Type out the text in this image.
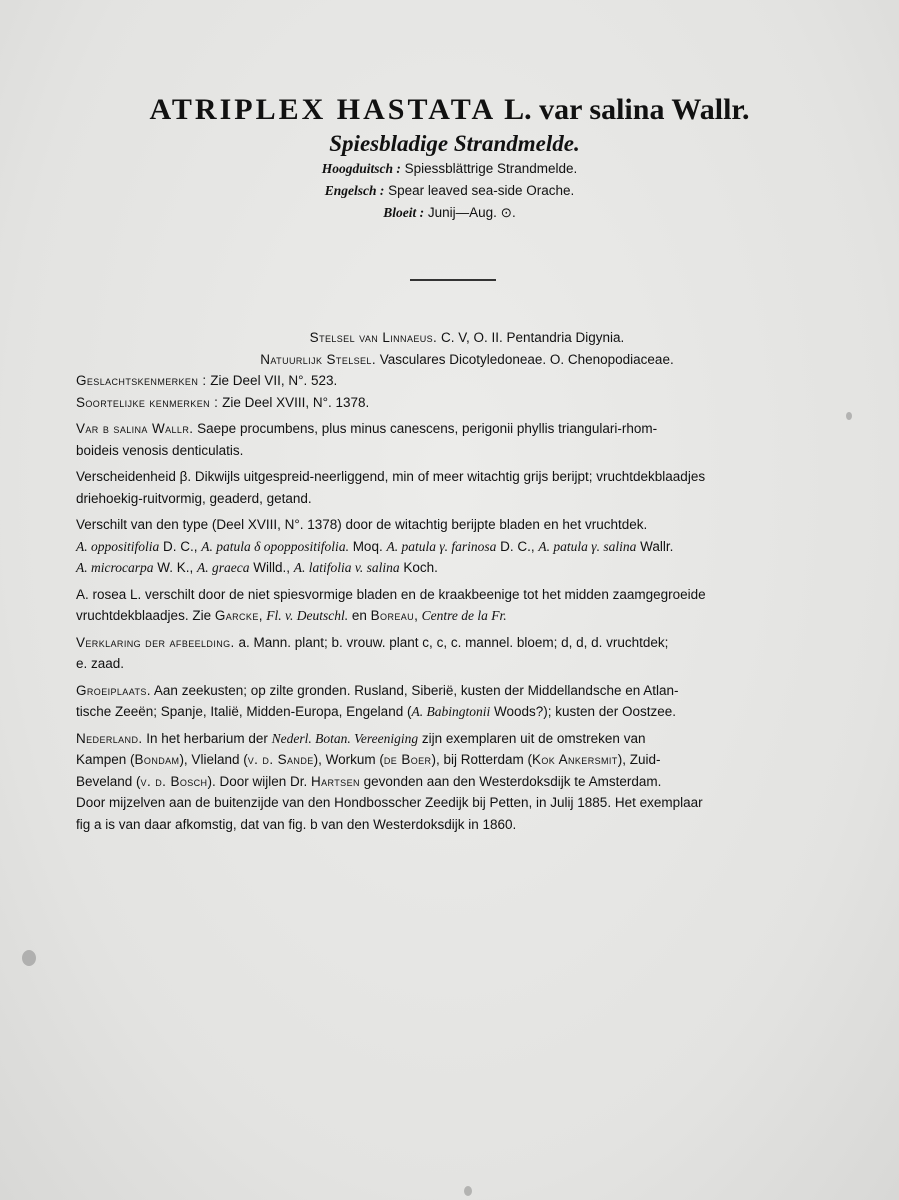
ATRIPLEX HASTATA L. var salina Wallr.

Spiesbladige Strandmelde.

Hoogduitsch : Spiessblättrige Strandmelde.

Engelsch : Spear leaved sea-side Orache.

Bloeit : Junij—Aug. ⊙.

Stelsel van Linnaeus. C. V, O. II. Pentandria Digynia.

Natuurlijk Stelsel. Vasculares Dicotyledoneae. O. Chenopodiaceae.

Geslachtskenmerken : Zie Deel VII, N°. 523.

Soortelijke kenmerken : Zie Deel XVIII, N°. 1378.

Var β salina Wallr. Saepe procumbens, plus minus canescens, perigonii phyllis triangulari-rhom-

boideis venosis denticulatis.

Verscheidenheid β. Dikwijls uitgespreid-neerliggend, min of meer witachtig grijs berijpt; vruchtdekblaadjes

driehoekig-ruitvormig, geaderd, getand.

Verschilt van den type (Deel XVIII, N°. 1378) door de witachtig berijpte bladen en het vruchtdek.

A. oppositifolia D. C., A. patula δ opoppositifolia. Moq. A. patula γ. farinosa D. C., A. patula γ. salina Wallr.

A. microcarpa W. K., A. graeca Willd., A. latifolia v. salina Koch.

A. rosea L. verschilt door de niet spiesvormige bladen en de kraakbeenige tot het midden zaamgegroeide

vruchtdekblaadjes. Zie Garcke, Fl. v. Deutschl. en Boreau, Centre de la Fr.

Verklaring der afbeelding. a. Mann. plant; b. vrouw. plant c, c, c. mannel. bloem; d, d, d. vruchtdek;

e. zaad.

Groeiplaats. Aan zeekusten; op zilte gronden. Rusland, Siberië, kusten der Middellandsche en Atlan-

tische Zeeën; Spanje, Italië, Midden-Europa, Engeland (A. Babingtonii Woods?); kusten der Oostzee.

Nederland. In het herbarium der Nederl. Botan. Vereeniging zijn exemplaren uit de omstreken van

Kampen (Bondam), Vlieland (v. d. Sande), Workum (de Boer), bij Rotterdam (Kok Ankersmit), Zuid-

Beveland (v. d. Bosch). Door wijlen Dr. Hartsen gevonden aan den Westerdoksdijk te Amsterdam.

Door mijzelven aan de buitenzijde van den Hondbosscher Zeedijk bij Petten, in Julij 1885. Het exemplaar

fig a is van daar afkomstig, dat van fig. b van den Westerdoksdijk in 1860.
